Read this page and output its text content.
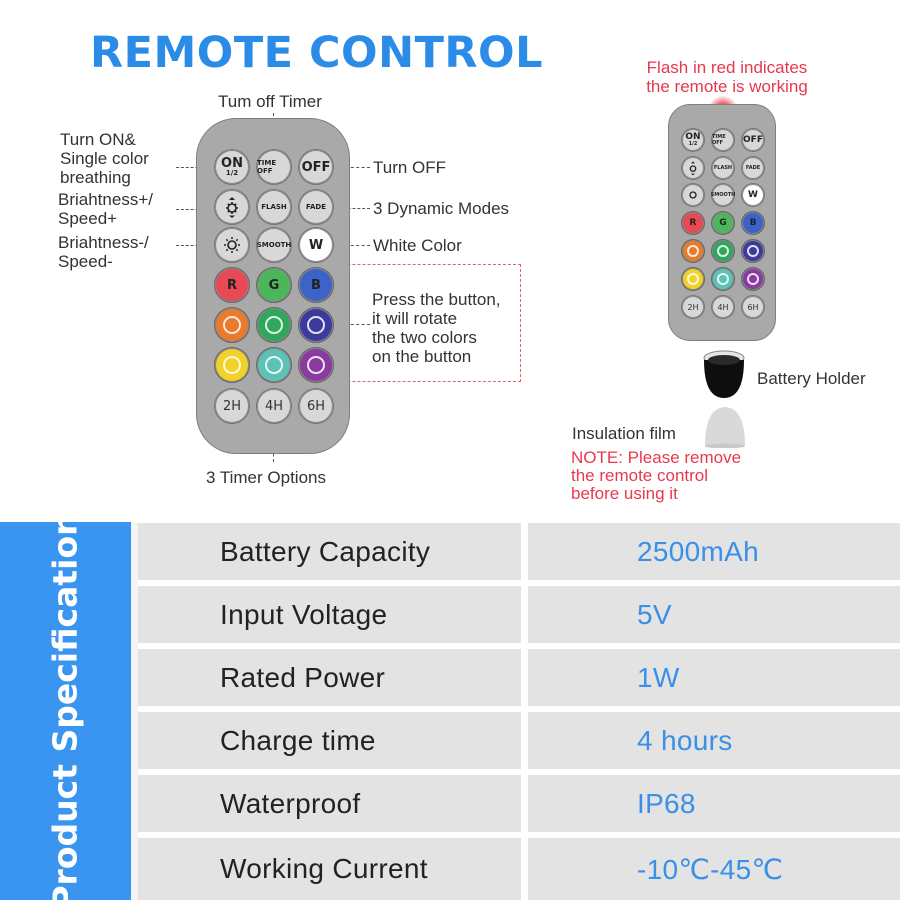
REMOTE CONTROL
Tum off Timer
Turn ON&
Single color
breathing
Briahtness+/
Speed+
Briahtness-/
Speed-
Turn OFF
3 Dynamic Modes
White Color
Press the button,
it will rotate
the two colors
on the button
3 Timer Options
ON
1/2
TIME OFF	OFF
FLASH	FADE
SMOOTH	W
R	G	B
2H	4H	6H
Flash in red indicates
the remote is working
ON
1/2
TIME OFF	OFF
FLASH	FADE
SMOOTH	W
R	G	B
2H	4H	6H
Battery Holder
Insulation film
NOTE: Please remove
the remote control
before using it
Product Specification	Battery Capacity	2500mAh
Input Voltage	5V
Rated Power	1W
Charge time	4 hours
Waterproof	IP68
Working Current	-10℃-45℃
